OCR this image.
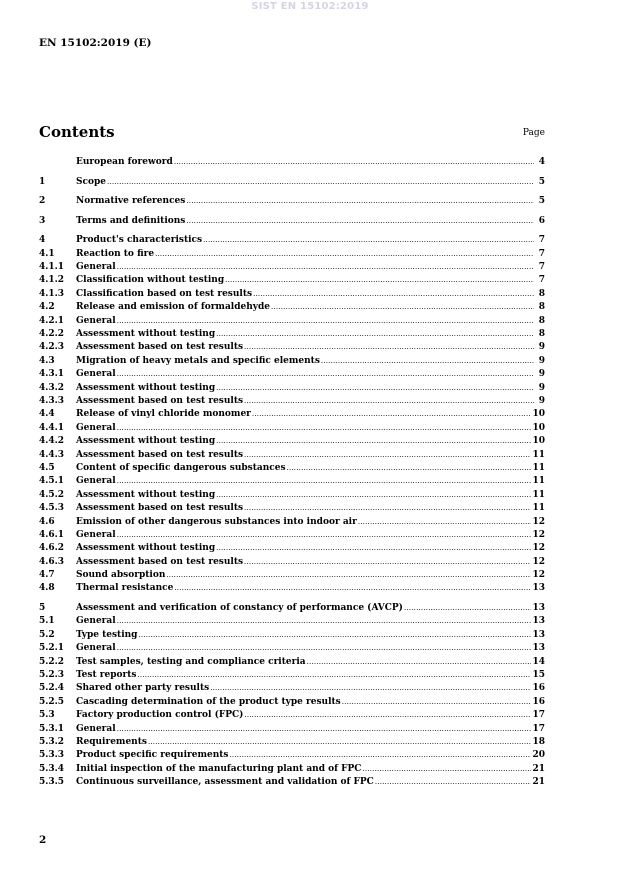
SIST EN 15102:2019
EN 15102:2019 (E)
Contents	Page
European foreword .....	4
1	Scope .....	5
2	Normative references .....	5
3	Terms and definitions .....	6
4	Product's characteristics .....	7
4.1	Reaction to fire .....	7
4.1.1	General .....	7
4.1.2	Classification without testing .....	7
4.1.3	Classification based on test results .....	8
4.2	Release and emission of formaldehyde .....	8
4.2.1	General .....	8
4.2.2	Assessment without testing .....	8
4.2.3	Assessment based on test results .....	9
4.3	Migration of heavy metals and specific elements .....	9
4.3.1	General .....	9
4.3.2	Assessment without testing .....	9
4.3.3	Assessment based on test results .....	9
4.4	Release of vinyl chloride monomer .....	10
4.4.1	General .....	10
4.4.2	Assessment without testing .....	10
4.4.3	Assessment based on test results .....	11
4.5	Content of specific dangerous substances .....	11
4.5.1	General .....	11
4.5.2	Assessment without testing .....	11
4.5.3	Assessment based on test results .....	11
4.6	Emission of other dangerous substances into indoor air .....	12
4.6.1	General .....	12
4.6.2	Assessment without testing .....	12
4.6.3	Assessment based on test results .....	12
4.7	Sound absorption .....	12
4.8	Thermal resistance .....	13
5	Assessment and verification of constancy of performance (AVCP) .....	13
5.1	General .....	13
5.2	Type testing .....	13
5.2.1	General .....	13
5.2.2	Test samples, testing and compliance criteria .....	14
5.2.3	Test reports .....	15
5.2.4	Shared other party results .....	16
5.2.5	Cascading determination of the product type results .....	16
5.3	Factory production control (FPC) .....	17
5.3.1	General .....	17
5.3.2	Requirements .....	18
5.3.3	Product specific requirements .....	20
5.3.4	Initial inspection of the manufacturing plant and of FPC .....	21
5.3.5	Continuous surveillance, assessment and validation of FPC .....	21
2
